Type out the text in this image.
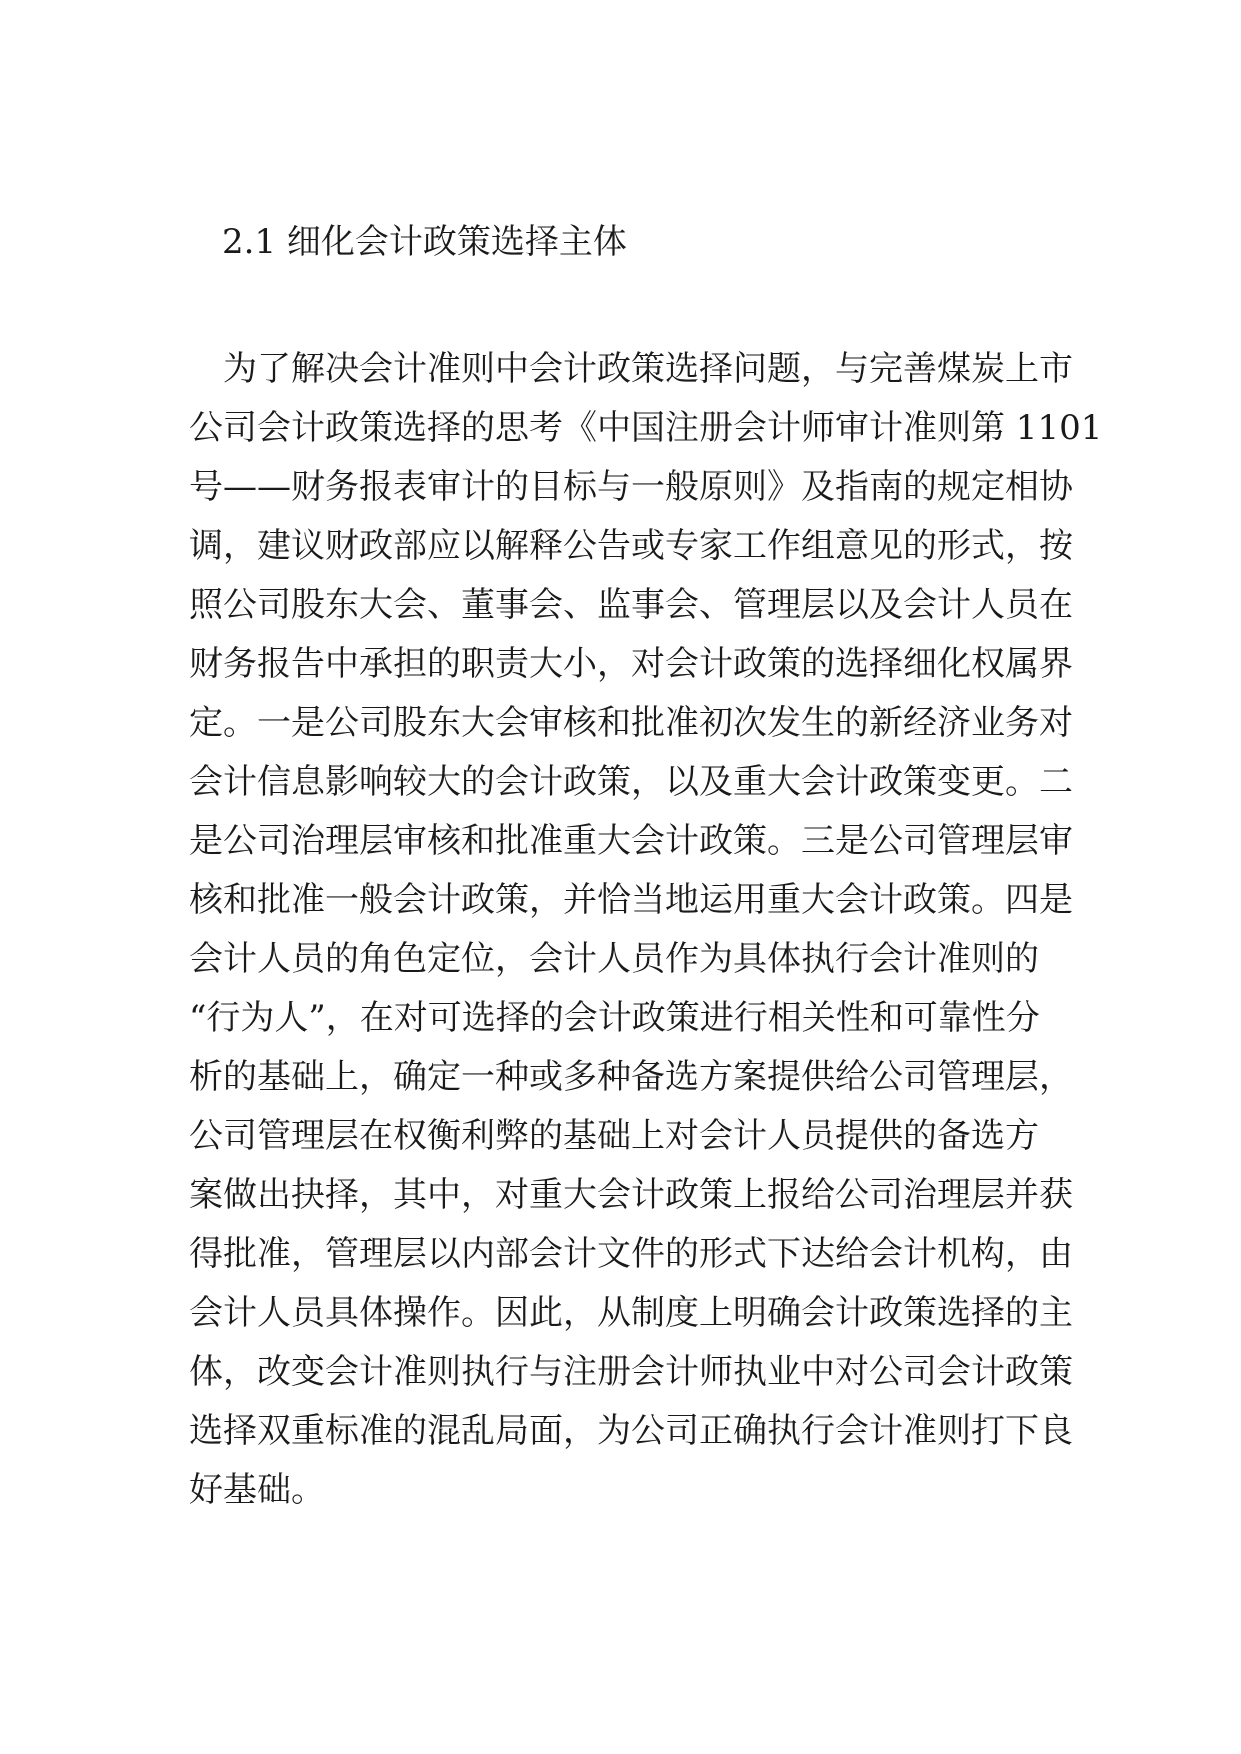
2.1 细化会计政策选择主体
为了解决会计准则中会计政策选择问题，与完善煤炭上市
公司会计政策选择的思考《中国注册会计师审计准则第 1101
号——财务报表审计的目标与一般原则》及指南的规定相协
调，建议财政部应以解释公告或专家工作组意见的形式，按
照公司股东大会、董事会、监事会、管理层以及会计人员在
财务报告中承担的职责大小，对会计政策的选择细化权属界
定。一是公司股东大会审核和批准初次发生的新经济业务对
会计信息影响较大的会计政策，以及重大会计政策变更。二
是公司治理层审核和批准重大会计政策。三是公司管理层审
核和批准一般会计政策，并恰当地运用重大会计政策。四是
会计人员的角色定位，会计人员作为具体执行会计准则的
“行为人”，在对可选择的会计政策进行相关性和可靠性分
析的基础上，确定一种或多种备选方案提供给公司管理层，
公司管理层在权衡利弊的基础上对会计人员提供的备选方
案做出抉择，其中，对重大会计政策上报给公司治理层并获
得批准，管理层以内部会计文件的形式下达给会计机构，由
会计人员具体操作。因此，从制度上明确会计政策选择的主
体，改变会计准则执行与注册会计师执业中对公司会计政策
选择双重标准的混乱局面，为公司正确执行会计准则打下良
好基础。
